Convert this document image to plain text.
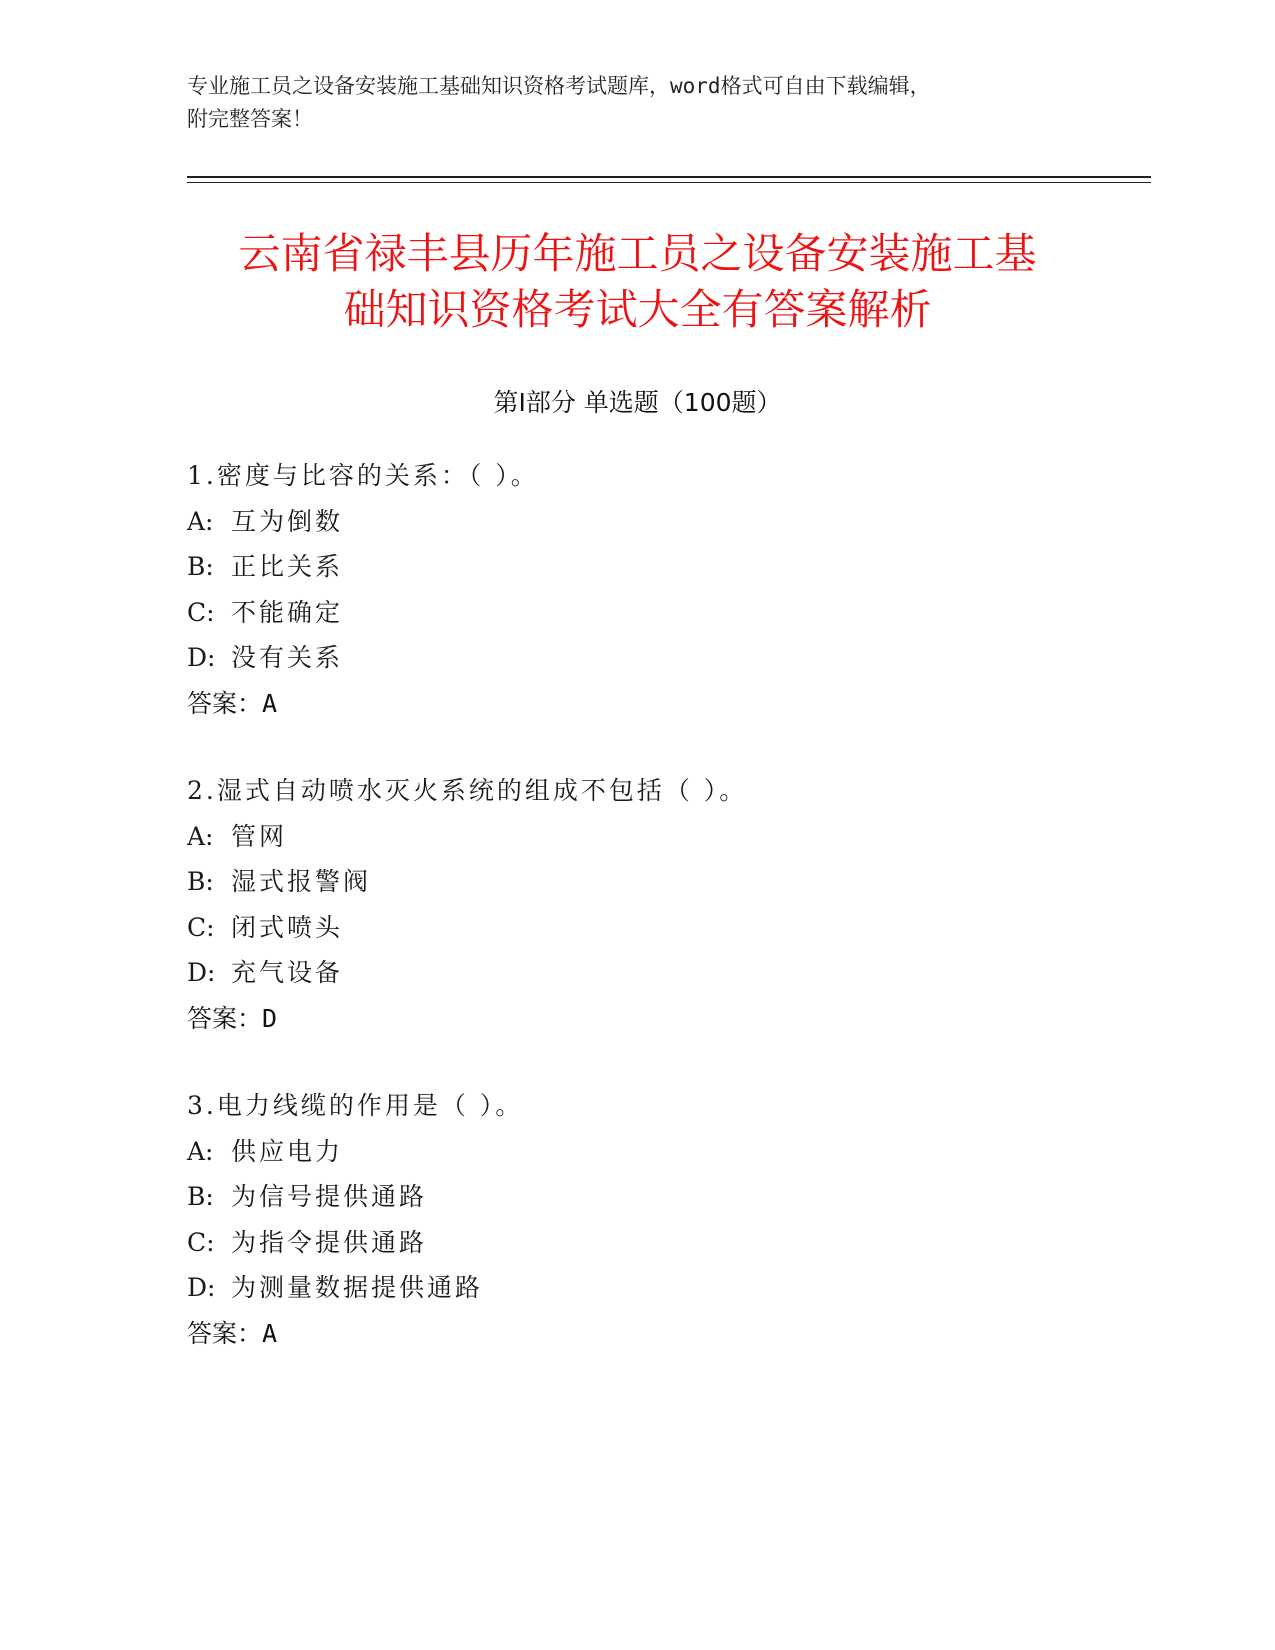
专业施工员之设备安装施工基础知识资格考试题库，word格式可自由下载编辑，
附完整答案！
云南省禄丰县历年施工员之设备安装施工基
础知识资格考试大全有答案解析
第Ⅰ部分 单选题（100题）
1.密度与比容的关系：（ ）。
A: 互为倒数
B: 正比关系
C: 不能确定
D: 没有关系
答案：A
2.湿式自动喷水灭火系统的组成不包括（ ）。
A: 管网
B: 湿式报警阀
C: 闭式喷头
D: 充气设备
答案：D
3.电力线缆的作用是（ ）。
A: 供应电力
B: 为信号提供通路
C: 为指令提供通路
D: 为测量数据提供通路
答案：A
